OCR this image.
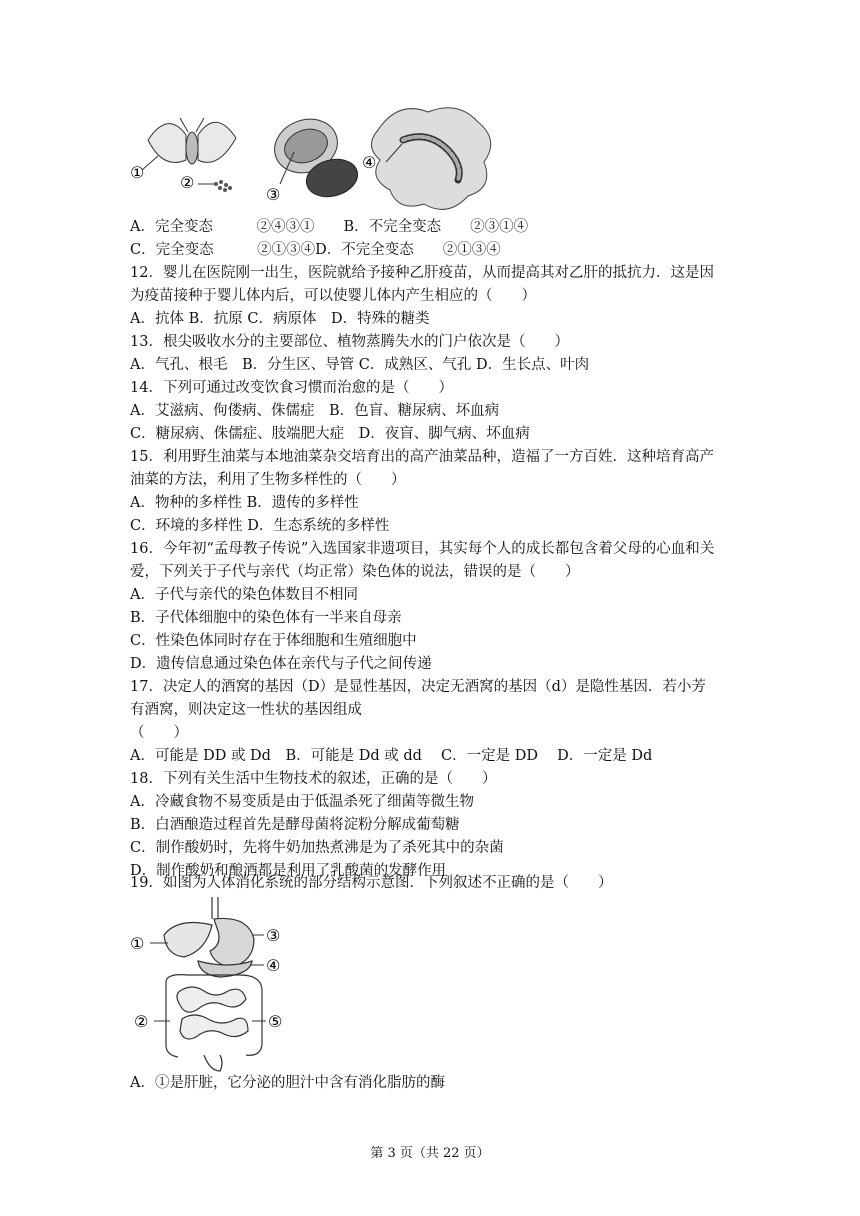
①
②
③
④
A．完全变态　　　②④③①　　B．不完全变态　　②③①④
C．完全变态　　　②①③④D．不完全变态　　②①③④
12．婴儿在医院刚一出生，医院就给予接种乙肝疫苗，从而提高其对乙肝的抵抗力．这是因
为疫苗接种于婴儿体内后，可以使婴儿体内产生相应的（　　）
A．抗体 B．抗原 C．病原体　D．特殊的糖类
13．根尖吸收水分的主要部位、植物蒸腾失水的门户依次是（　　）
A．气孔、根毛　B．分生区、导管 C．成熟区、气孔 D．生长点、叶肉
14．下列可通过改变饮食习惯而治愈的是（　　）
A．艾滋病、佝偻病、侏儒症　B．色盲、糖尿病、坏血病
C．糖尿病、侏儒症、肢端肥大症　D．夜盲、脚气病、坏血病
15．利用野生油菜与本地油菜杂交培育出的高产油菜品种，造福了一方百姓．这种培育高产
油菜的方法，利用了生物多样性的（　　）
A．物种的多样性 B．遗传的多样性
C．环境的多样性 D．生态系统的多样性
16．今年初“孟母教子传说”入选国家非遗项目，其实每个人的成长都包含着父母的心血和关
爱，下列关于子代与亲代（均正常）染色体的说法，错误的是（　　）
A．子代与亲代的染色体数目不相同
B．子代体细胞中的染色体有一半来自母亲
C．性染色体同时存在于体细胞和生殖细胞中
D．遗传信息通过染色体在亲代与子代之间传递
17．决定人的酒窝的基因（D）是显性基因，决定无酒窝的基因（d）是隐性基因．若小芳
有酒窝，则决定这一性状的基因组成
（　　）
A．可能是 DD 或 Dd　B．可能是 Dd 或 dd　 C．一定是 DD　 D．一定是 Dd
18．下列有关生活中生物技术的叙述，正确的是（　　）
A．冷藏食物不易变质是由于低温杀死了细菌等微生物
B．白酒酿造过程首先是酵母菌将淀粉分解成葡萄糖
C．制作酸奶时，先将牛奶加热煮沸是为了杀死其中的杂菌
D．制作酸奶和酿酒都是利用了乳酸菌的发酵作用
19．如图为人体消化系统的部分结构示意图．下列叙述不正确的是（　　）
①
②
③
④
⑤
A．①是肝脏，它分泌的胆汁中含有消化脂肪的酶
第 3 页（共 22 页）
